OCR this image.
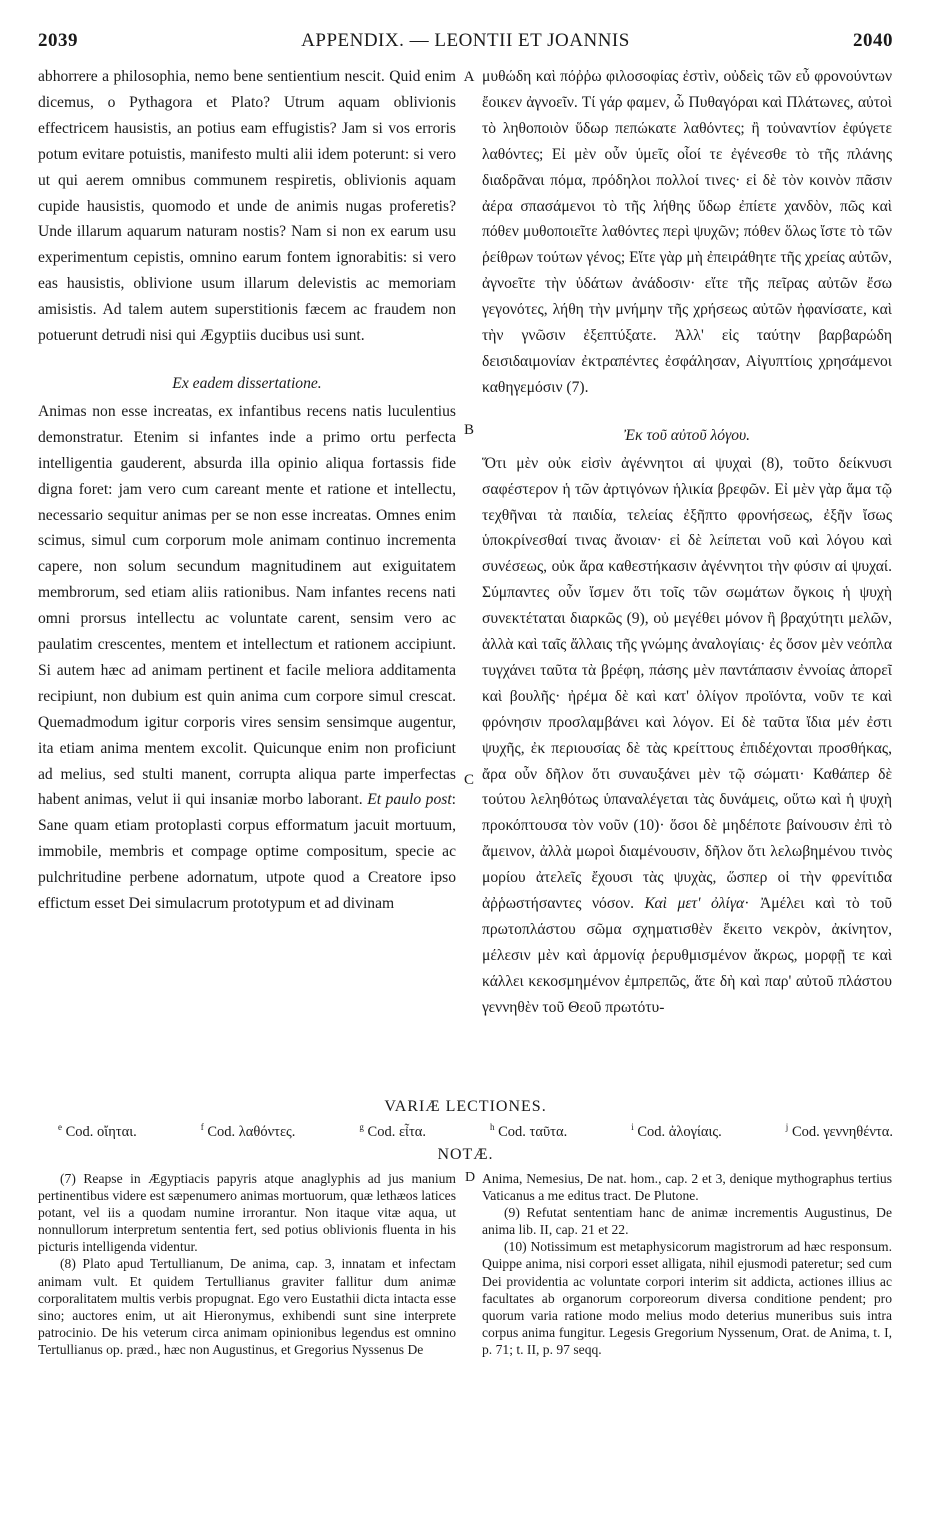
2039	APPENDIX. — LEONTII ET JOANNIS	2040

abhorrere a philosophia, nemo bene sentientium nescit. Quid enim dicemus, o Pythagora et Plato? Utrum aquam oblivionis effectricem hausistis, an potius eam effugistis? Jam si vos erroris potum evitare potuistis, manifesto multi alii idem poterunt: si vero ut qui aerem omnibus communem respiretis, oblivionis aquam cupide hausistis, quomodo et unde de animis nugas proferetis? Unde illarum aquarum naturam nostis? Nam si non ex earum usu experimentum cepistis, omnino earum fontem ignorabitis: si vero eas hausistis, oblivione usum illarum delevistis ac memoriam amisistis. Ad talem autem superstitionis fæcem ac fraudem non potuerunt detrudi nisi qui Ægyptiis ducibus usi sunt.

Ex eadem dissertatione.

Animas non esse increatas, ex infantibus recens natis luculentius demonstratur. Etenim si infantes inde a primo ortu perfecta intelligentia gauderent, absurda illa opinio aliqua fortassis fide digna foret: jam vero cum careant mente et ratione et intellectu, necessario sequitur animas per se non esse increatas. Omnes enim scimus, simul cum corporum mole animam continuo incrementa capere, non solum secundum magnitudinem aut exiguitatem membrorum, sed etiam aliis rationibus. Nam infantes recens nati omni prorsus intellectu ac voluntate carent, sensim vero ac paulatim crescentes, mentem et intellectum et rationem accipiunt. Si autem hæc ad animam pertinent et facile meliora additamenta recipiunt, non dubium est quin anima cum corpore simul crescat. Quemadmodum igitur corporis vires sensim sensimque augentur, ita etiam anima mentem excolit. Quicunque enim non proficiunt ad melius, sed stulti manent, corrupta aliqua parte imperfectas habent animas, velut ii qui insaniæ morbo laborant. Et paulo post: Sane quam etiam protoplasti corpus efformatum jacuit mortuum, immobile, membris et compage optime compositum, specie ac pulchritudine perbene adornatum, utpote quod a Creatore ipso effictum esset Dei simulacrum prototypum et ad divinam

A
B
C

μυθώδη καὶ πόῤῥω φιλοσοφίας ἐστὶν, οὐδεὶς τῶν εὖ φρονούντων ἔοικεν ἀγνοεῖν. Τί γάρ φαμεν, ὦ Πυθαγόραι καὶ Πλάτωνες, αὐτοὶ τὸ ληθοποιὸν ὕδωρ πεπώκατε λαθόντες; ἢ τοὐναντίον ἐφύγετε λαθόντες; Εἰ μὲν οὖν ὑμεῖς οἷοί τε ἐγένεσθε τὸ τῆς πλάνης διαδρᾶναι πόμα, πρόδηλοι πολλοί τινες· εἰ δὲ τὸν κοινὸν πᾶσιν ἀέρα σπασάμενοι τὸ τῆς λήθης ὕδωρ ἐπίετε χανδὸν, πῶς καὶ πόθεν μυθοποιεῖτε λαθόντες περὶ ψυχῶν; πόθεν ὅλως ἴστε τὸ τῶν ῥείθρων τούτων γένος; Εἴτε γὰρ μὴ ἐπειράθητε τῆς χρείας αὐτῶν, ἀγνοεῖτε τὴν ὑδάτων ἀνάδοσιν· εἴτε τῆς πεῖρας αὐτῶν ἔσω γεγονότες, λήθη τὴν μνήμην τῆς χρήσεως αὐτῶν ἠφανίσατε, καὶ τὴν γνῶσιν ἐξεπτύξατε. Ἀλλ' εἰς ταύτην βαρβαρώδη δεισιδαιμονίαν ἐκτραπέντες ἐσφάλησαν, Αἰγυπτίοις χρησάμενοι καθηγεμόσιν (7).

Ἐκ τοῦ αὐτοῦ λόγου.

Ὅτι μὲν οὐκ εἰσὶν ἀγέννητοι αἱ ψυχαὶ (8), τοῦτο δείκνυσι σαφέστερον ἡ τῶν ἀρτιγόνων ἡλικία βρεφῶν. Εἰ μὲν γὰρ ἅμα τῷ τεχθῆναι τὰ παιδία, τελείας ἐξῆπτο φρονήσεως, ἐξῆν ἴσως ὑποκρίνεσθαί τινας ἄνοιαν· εἰ δὲ λείπεται νοῦ καὶ λόγου καὶ συνέσεως, οὐκ ἄρα καθεστήκασιν ἀγέννητοι τὴν φύσιν αἱ ψυχαί. Σύμπαντες οὖν ἴσμεν ὅτι τοῖς τῶν σωμάτων ὄγκοις ἡ ψυχὴ συνεκτέταται διαρκῶς (9), οὐ μεγέθει μόνον ἢ βραχύτητι μελῶν, ἀλλὰ καὶ ταῖς ἄλλαις τῆς γνώμης ἀναλογίαις· ἐς ὅσον μὲν νεόπλα τυγχάνει ταῦτα τὰ βρέφη, πάσης μὲν παντάπασιν ἐννοίας ἀπορεῖ καὶ βουλῆς· ἠρέμα δὲ καὶ κατ' ὀλίγον προϊόντα, νοῦν τε καὶ φρόνησιν προσλαμβάνει καὶ λόγον. Εἰ δὲ ταῦτα ἴδια μέν ἐστι ψυχῆς, ἐκ περιουσίας δὲ τὰς κρείττους ἐπιδέχονται προσθήκας, ἄρα οὖν δῆλον ὅτι συναυξάνει μὲν τῷ σώματι· Καθάπερ δὲ τούτου λεληθότως ὑπαναλέγεται τὰς δυνάμεις, οὕτω καὶ ἡ ψυχὴ προκόπτουσα τὸν νοῦν (10)· ὅσοι δὲ μηδέποτε βαίνουσιν ἐπὶ τὸ ἄμεινον, ἀλλὰ μωροὶ διαμένουσιν, δῆλον ὅτι λελωβημένου τινὸς μορίου ἀτελεῖς ἔχουσι τὰς ψυχὰς, ὥσπερ οἱ τὴν φρενίτιδα ἀῤῥωστήσαντες νόσον. Καὶ μετ' ὀλίγα· Ἀμέλει καὶ τὸ τοῦ πρωτοπλάστου σῶμα σχηματισθὲν ἔκειτο νεκρὸν, ἀκίνητον, μέλεσιν μὲν καὶ ἁρμονίᾳ ῥερυθμισμένον ἄκρως, μορφῇ τε καὶ κάλλει κεκοσμημένον ἐμπρεπῶς, ἅτε δὴ καὶ παρ' αὐτοῦ πλάστου γεννηθὲν τοῦ Θεοῦ πρωτότυ-

VARIÆ LECTIONES.
$^e$ Cod. οἴηται.	$^f$ Cod. λαθόντες.	$^g$ Cod. εἶτα.	$^h$ Cod. ταῦτα.	$^i$ Cod. ἀλογίαις.	$^j$ Cod. γεννηθέντα.
NOTÆ.

(7) Reapse in Ægyptiacis papyris atque anaglyphis ad jus manium pertinentibus videre est sæpenumero animas mortuorum, quæ lethæos latices potant, vel iis a quodam numine irrorantur. Non itaque vitæ aqua, ut nonnullorum interpretum sententia fert, sed potius oblivionis fluenta in his picturis intelligenda videntur.

(8) Plato apud Tertullianum, De anima, cap. 3, innatam et infectam animam vult. Et quidem Tertullianus graviter fallitur dum animæ corporalitatem multis verbis propugnat. Ego vero Eustathii dicta intacta esse sino; auctores enim, ut ait Hieronymus, exhibendi sunt sine interprete patrocinio. De his veterum circa animam opinionibus legendus est omnino Tertullianus op. præd., hæc non Augustinus, et Gregorius Nyssenus De

D Anima, Nemesius, De nat. hom., cap. 2 et 3, denique mythographus tertius Vaticanus a me editus tract. De Plutone.

(9) Refutat sententiam hanc de animæ incrementis Augustinus, De anima lib. II, cap. 21 et 22.

(10) Notissimum est metaphysicorum magistrorum ad hæc responsum. Quippe anima, nisi corpori esset alligata, nihil ejusmodi pateretur; sed cum Dei providentia ac voluntate corpori interim sit addicta, actiones illius ac facultates ab organorum corporeorum diversa conditione pendent; pro quorum varia ratione modo melius modo deterius muneribus suis intra corpus anima fungitur. Legesis Gregorium Nyssenum, Orat. de Anima, t. I, p. 71; t. II, p. 97 seqq.
